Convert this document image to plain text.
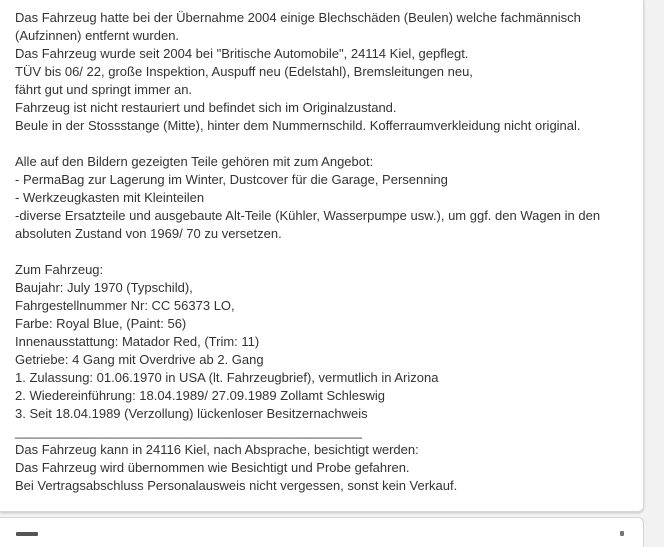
Das Fahrzeug hatte bei der Übernahme 2004 einige Blechschäden (Beulen) welche fachmännisch (Aufzinnen) entfernt wurden.
Das Fahrzeug wurde seit 2004 bei "Britische Automobile", 24114 Kiel, gepflegt.
TÜV bis 06/ 22, große Inspektion, Auspuff neu (Edelstahl), Bremsleitungen neu,
fährt gut und springt immer an.
Fahrzeug ist nicht restauriert und befindet sich im Originalzustand.
Beule in der Stossstange (Mitte), hinter dem Nummernschild. Kofferraumverkleidung nicht original.
Alle auf den Bildern gezeigten Teile gehören mit zum Angebot:
- PermaBag zur Lagerung im Winter, Dustcover für die Garage, Persenning
- Werkzeugkasten mit Kleinteilen
-diverse Ersatzteile und ausgebaute Alt-Teile (Kühler, Wasserpumpe usw.), um ggf. den Wagen in den absoluten Zustand von 1969/ 70 zu versetzen.
Zum Fahrzeug:
Baujahr: July 1970 (Typschild),
Fahrgestellnummer Nr: CC 56373 LO,
Farbe: Royal Blue, (Paint: 56)
Innenausstattung: Matador Red, (Trim: 11)
Getriebe: 4 Gang mit Overdrive ab 2. Gang
1. Zulassung: 01.06.1970 in USA (lt. Fahrzeugbrief), vermutlich in Arizona
2. Wiedereinführung: 18.04.1989/ 27.09.1989 Zollamt Schleswig
3. Seit 18.04.1989 (Verzollung) lückenloser Besitzernachweis
________________________________________________
Das Fahrzeug kann in 24116 Kiel, nach Absprache, besichtigt werden:
Das Fahrzeug wird übernommen wie Besichtigt und Probe gefahren.
Bei Vertragsabschluss Personalausweis nicht vergessen, sonst kein Verkauf.
